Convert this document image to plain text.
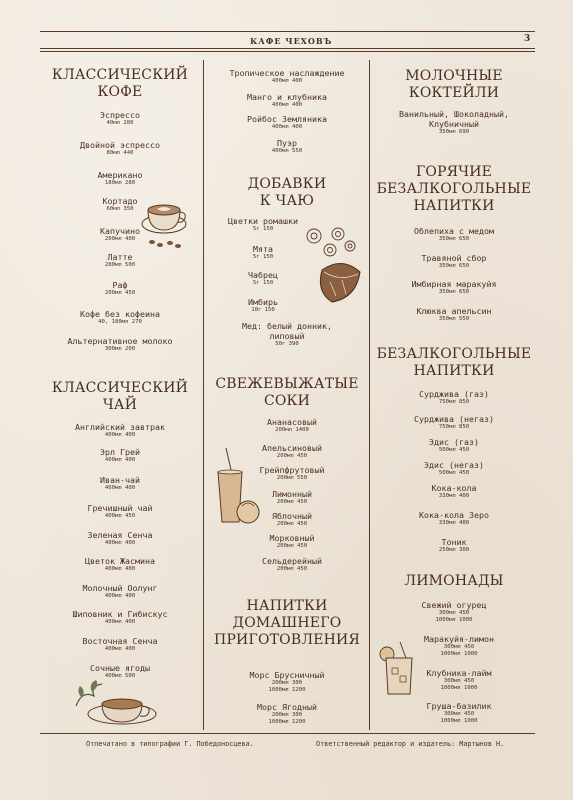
КАФЕ ЧЕХОВЪ	3
КЛАССИЧЕСКИЙ
КОФЕ
Эспрессо
40мл 280
Двойной эспрессо
80мл 440
Американо
180мл 280
Кортадо
60мл 350
Капучино
200мл 400
Латте
280мл 500
Раф
200мл 450
Кофе без кофеина
40, 180мл 270
Альтернативное молоко
300мл 200
КЛАССИЧЕСКИЙ
ЧАЙ
Английский завтрак
400мл 400
Эрл Грей
400мл 400
Иван-чай
400мл 400
Гречишный чай
400мл 450
Зеленая Сенча
400мл 400
Цветок Жасмина
400мл 400
Молочный Оолунг
400мл 400
Шиповник и Гибискус
400мл 400
Восточная Сенча
400мл 400
Сочные ягоды
400мл 500
Тропическое наслаждение
400мл 400
Манго и клубника
400мл 400
Ройбос Земляника
400мл 400
Пуэр
400мл 550
ДОБАВКИ
К ЧАЮ
Цветки ромашки
5г 150
Мята
5г 150
Чабрец
5г 150
Имбирь
10г 150
Мед: белый донник,
липовый
50г 390
СВЕЖЕВЫЖАТЫЕ
СОКИ
Ананасовый
200мл 1400
Апельсиновый
200мл 450
Грейпфрутовый
200мл 550
Лимонный
200мл 450
Яблочный
200мл 450
Морковный
200мл 450
Сельдерейный
200мл 450
НАПИТКИ
ДОМАШНЕГО
ПРИГОТОВЛЕНИЯ
Морс Брусничный
200мл 300
1000мл 1200
Морс Ягодный
200мл 300
1000мл 1200
МОЛОЧНЫЕ
КОКТЕЙЛИ
Ванильный, Шоколадный,
Клубничный
350мл 690
ГОРЯЧИЕ
БЕЗАЛКОГОЛЬНЫЕ
НАПИТКИ
Облепиха с медом
350мл 650
Травяной сбор
350мл 650
Имбирная маракуйя
350мл 650
Клюква апельсин
350мл 550
БЕЗАЛКОГОЛЬНЫЕ
НАПИТКИ
Сурджива (газ)
750мл 850
Сурджива (негаз)
750мл 850
Эдис (газ)
500мл 450
Эдис (негаз)
500мл 450
Кока-кола
330мл 400
Кока-кола Зеро
330мл 400
Тоник
250мл 300
ЛИМОНАДЫ
Свежий огурец
300мл 450
1000мл 1000
Маракуйя-лимон
300мл 450
1000мл 1000
Клубника-лайм
300мл 450
1000мл 1000
Груша-базилик
300мл 450
1000мл 1000
Отпечатано в типографии Г. Победоносцева.	Ответственный редактор и издатель: Мартынов Н.
